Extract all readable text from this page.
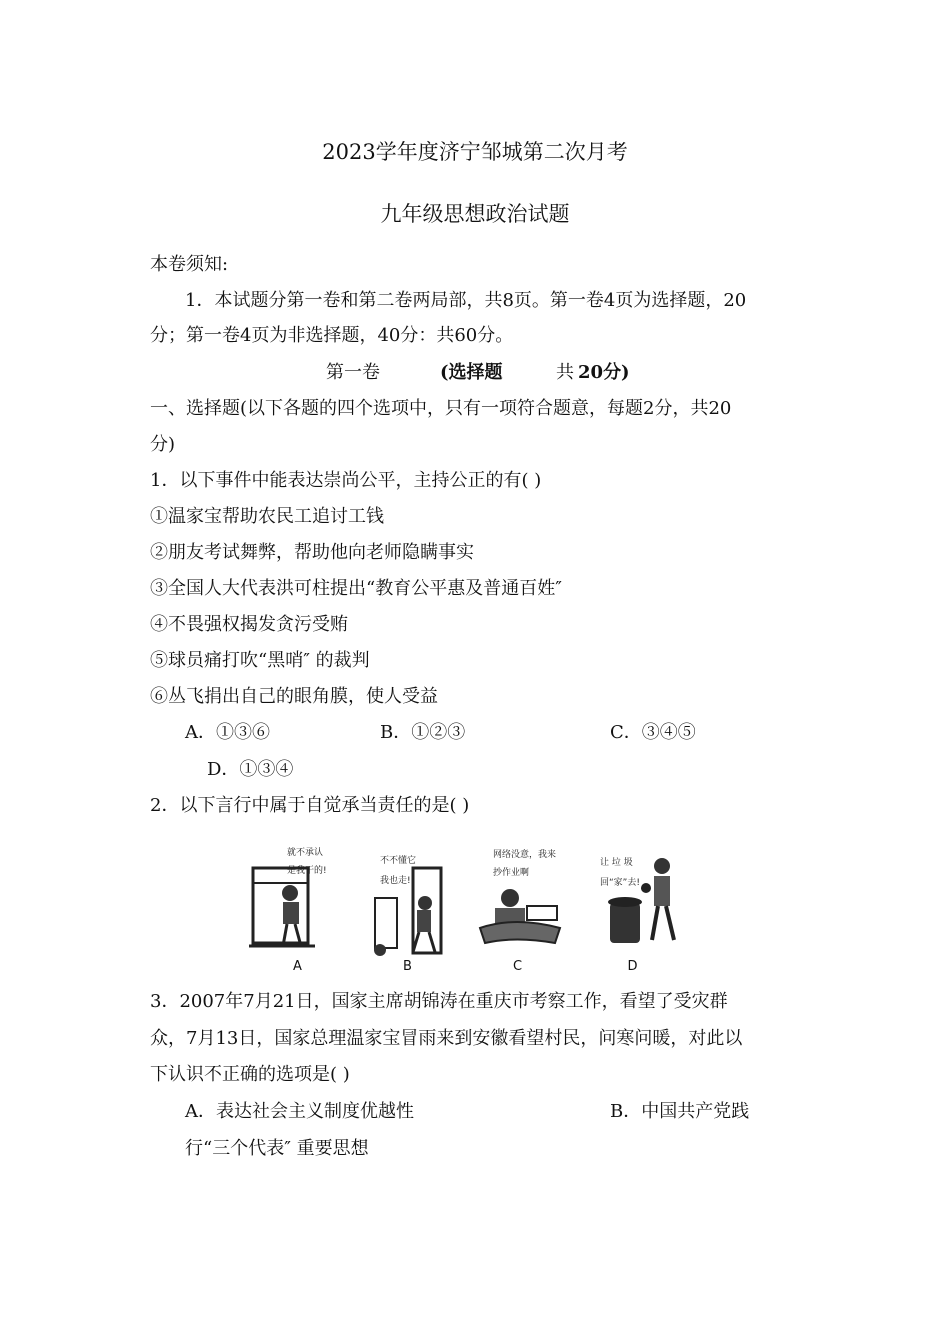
2023学年度济宁邹城第二次月考
九年级思想政治试题
本卷须知:
1．本试题分第一卷和第二卷两局部，共8页。第一卷4页为选择题，20
分；第一卷4页为非选择题，40分：共60分。
第一卷	(选择题	共 20分)
一、选择题(以下各题的四个选项中，只有一项符合题意，每题2分，共20
分)
1．以下事件中能表达崇尚公平，主持公正的有( )
①温家宝帮助农民工追讨工钱
②朋友考试舞弊，帮助他向老师隐瞒事实
③全国人大代表洪可柱提出“教育公平惠及普通百姓″
④不畏强权揭发贪污受贿
⑤球员痛打吹“黑哨″ 的裁判
⑥丛飞捐出自己的眼角膜，使人受益
A．①③⑥	B．①②③	C．③④⑤
D．①③④
2．以下言行中属于自觉承当责任的是( )
就不承认
是我干的!
A
不不懂它
我也走!
B
网络没意，我来
抄作业啊
C
让 垃 圾
回“家”去!
D
3．2007年7月21日，国家主席胡锦涛在重庆市考察工作，看望了受灾群
众，7月13日，国家总理温家宝冒雨来到安徽看望村民，问寒问暖，对此以
下认识不正确的选项是( )
A．表达社会主义制度优越性	B．中国共产党践
行“三个代表″ 重要思想
